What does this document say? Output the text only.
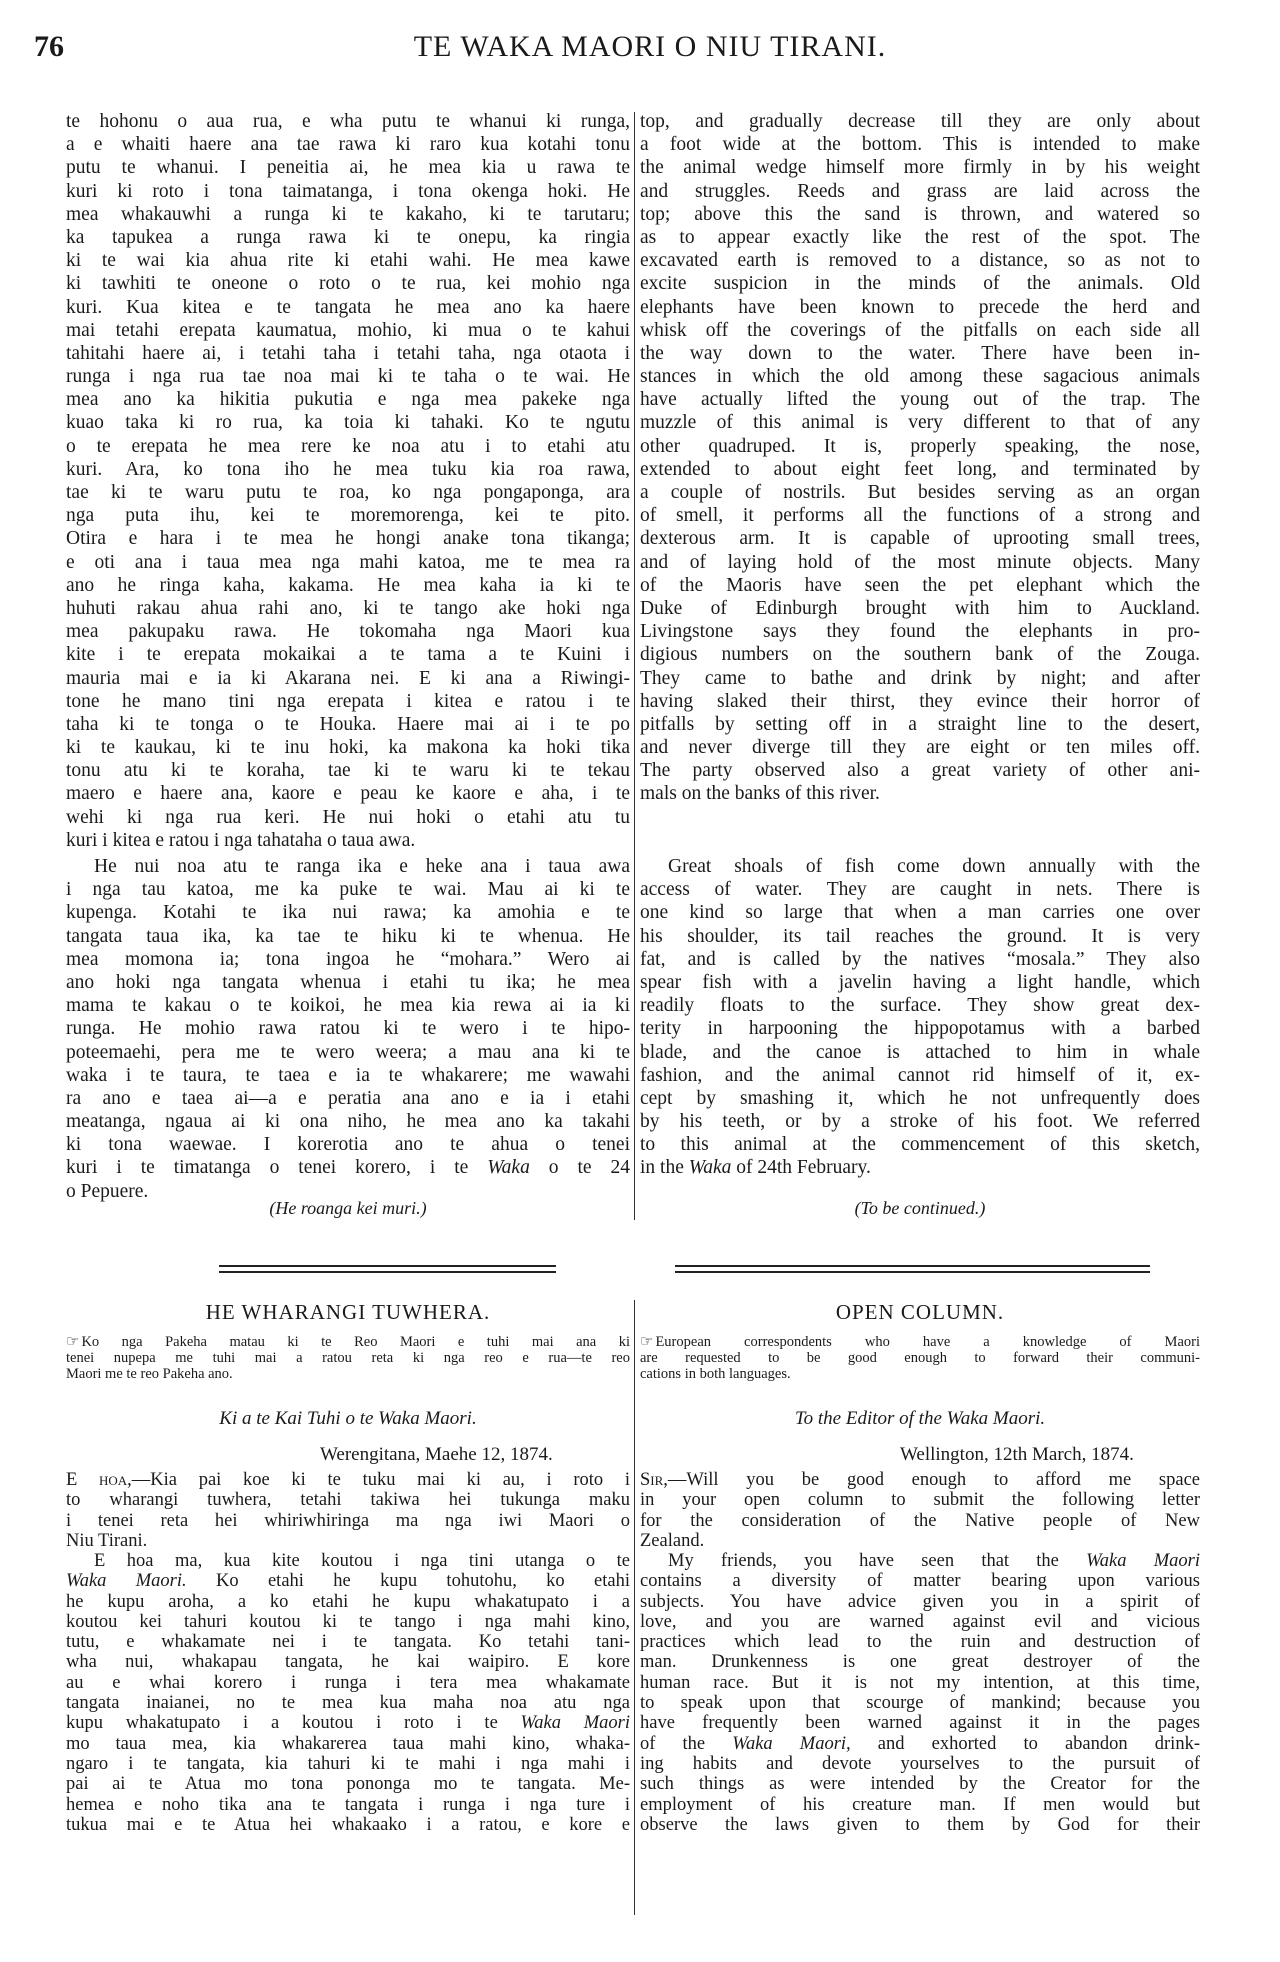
76	TE WAKA MAORI O NIU TIRANI.
te hohonu o aua rua, e wha putu te whanui ki runga,
a e whaiti haere ana tae rawa ki raro kua kotahi tonu
putu te whanui. I peneitia ai, he mea kia u rawa te
kuri ki roto i tona taimatanga, i tona okenga hoki. He
mea whakauwhi a runga ki te kakaho, ki te tarutaru;
ka tapukea a runga rawa ki te onepu, ka ringia
ki te wai kia ahua rite ki etahi wahi. He mea kawe
ki tawhiti te oneone o roto o te rua, kei mohio nga
kuri. Kua kitea e te tangata he mea ano ka haere
mai tetahi erepata kaumatua, mohio, ki mua o te kahui
tahitahi haere ai, i tetahi taha i tetahi taha, nga otaota i
runga i nga rua tae noa mai ki te taha o te wai. He
mea ano ka hikitia pukutia e nga mea pakeke nga
kuao taka ki ro rua, ka toia ki tahaki. Ko te ngutu
o te erepata he mea rere ke noa atu i to etahi atu
kuri. Ara, ko tona iho he mea tuku kia roa rawa,
tae ki te waru putu te roa, ko nga pongaponga, ara
nga puta ihu, kei te moremorenga, kei te pito.
Otira e hara i te mea he hongi anake tona tikanga;
e oti ana i taua mea nga mahi katoa, me te mea ra
ano he ringa kaha, kakama. He mea kaha ia ki te
huhuti rakau ahua rahi ano, ki te tango ake hoki nga
mea pakupaku rawa. He tokomaha nga Maori kua
kite i te erepata mokaikai a te tama a te Kuini i
mauria mai e ia ki Akarana nei. E ki ana a Riwingi-
tone he mano tini nga erepata i kitea e ratou i te
taha ki te tonga o te Houka. Haere mai ai i te po
ki te kaukau, ki te inu hoki, ka makona ka hoki tika
tonu atu ki te koraha, tae ki te waru ki te tekau
maero e haere ana, kaore e peau ke kaore e aha, i te
wehi ki nga rua keri. He nui hoki o etahi atu tu
kuri i kitea e ratou i nga tahataha o taua awa.
He nui noa atu te ranga ika e heke ana i taua awa
i nga tau katoa, me ka puke te wai. Mau ai ki te
kupenga. Kotahi te ika nui rawa; ka amohia e te
tangata taua ika, ka tae te hiku ki te whenua. He
mea momona ia; tona ingoa he “mohara.” Wero ai
ano hoki nga tangata whenua i etahi tu ika; he mea
mama te kakau o te koikoi, he mea kia rewa ai ia ki
runga. He mohio rawa ratou ki te wero i te hipo-
poteemaehi, pera me te wero weera; a mau ana ki te
waka i te taura, te taea e ia te whakarere; me wawahi
ra ano e taea ai—a e peratia ana ano e ia i etahi
meatanga, ngaua ai ki ona niho, he mea ano ka takahi
ki tona waewae. I korerotia ano te ahua o tenei
kuri i te timatanga o tenei korero, i te Waka o te 24
o Pepuere.
(He roanga kei muri.)
top, and gradually decrease till they are only about
a foot wide at the bottom. This is intended to make
the animal wedge himself more firmly in by his weight
and struggles. Reeds and grass are laid across the
top; above this the sand is thrown, and watered so
as to appear exactly like the rest of the spot. The
excavated earth is removed to a distance, so as not to
excite suspicion in the minds of the animals. Old
elephants have been known to precede the herd and
whisk off the coverings of the pitfalls on each side all
the way down to the water. There have been in-
stances in which the old among these sagacious animals
have actually lifted the young out of the trap. The
muzzle of this animal is very different to that of any
other quadruped. It is, properly speaking, the nose,
extended to about eight feet long, and terminated by
a couple of nostrils. But besides serving as an organ
of smell, it performs all the functions of a strong and
dexterous arm. It is capable of uprooting small trees,
and of laying hold of the most minute objects. Many
of the Maoris have seen the pet elephant which the
Duke of Edinburgh brought with him to Auckland.
Livingstone says they found the elephants in pro-
digious numbers on the southern bank of the Zouga.
They came to bathe and drink by night; and after
having slaked their thirst, they evince their horror of
pitfalls by setting off in a straight line to the desert,
and never diverge till they are eight or ten miles off.
The party observed also a great variety of other ani-
mals on the banks of this river.
Great shoals of fish come down annually with the
access of water. They are caught in nets. There is
one kind so large that when a man carries one over
his shoulder, its tail reaches the ground. It is very
fat, and is called by the natives “mosala.” They also
spear fish with a javelin having a light handle, which
readily floats to the surface. They show great dex-
terity in harpooning the hippopotamus with a barbed
blade, and the canoe is attached to him in whale
fashion, and the animal cannot rid himself of it, ex-
cept by smashing it, which he not unfrequently does
by his teeth, or by a stroke of his foot. We referred
to this animal at the commencement of this sketch,
in the Waka of 24th February.
(To be continued.)
HE WHARANGI TUWHERA.
☞ Ko nga Pakeha matau ki te Reo Maori e tuhi mai ana ki
tenei nupepa me tuhi mai a ratou reta ki nga reo e rua—te reo
Maori me te reo Pakeha ano.
Ki a te Kai Tuhi o te Waka Maori.
Werengitana, Maehe 12, 1874.
E hoa,—Kia pai koe ki te tuku mai ki au, i roto i
to wharangi tuwhera, tetahi takiwa hei tukunga maku
i tenei reta hei whiriwhiringa ma nga iwi Maori o
Niu Tirani.
E hoa ma, kua kite koutou i nga tini utanga o te
Waka Maori. Ko etahi he kupu tohutohu, ko etahi
he kupu aroha, a ko etahi he kupu whakatupato i a
koutou kei tahuri koutou ki te tango i nga mahi kino,
tutu, e whakamate nei i te tangata. Ko tetahi tani-
wha nui, whakapau tangata, he kai waipiro. E kore
au e whai korero i runga i tera mea whakamate
tangata inaianei, no te mea kua maha noa atu nga
kupu whakatupato i a koutou i roto i te Waka Maori
mo taua mea, kia whakarerea taua mahi kino, whaka-
ngaro i te tangata, kia tahuri ki te mahi i nga mahi i
pai ai te Atua mo tona pononga mo te tangata. Me-
hemea e noho tika ana te tangata i runga i nga ture i
tukua mai e te Atua hei whakaako i a ratou, e kore e
OPEN COLUMN.
☞ European correspondents who have a knowledge of Maori
are requested to be good enough to forward their communi-
cations in both languages.
To the Editor of the Waka Maori.
Wellington, 12th March, 1874.
Sir,—Will you be good enough to afford me space
in your open column to submit the following letter
for the consideration of the Native people of New
Zealand.
My friends, you have seen that the Waka Maori
contains a diversity of matter bearing upon various
subjects. You have advice given you in a spirit of
love, and you are warned against evil and vicious
practices which lead to the ruin and destruction of
man. Drunkenness is one great destroyer of the
human race. But it is not my intention, at this time,
to speak upon that scourge of mankind; because you
have frequently been warned against it in the pages
of the Waka Maori, and exhorted to abandon drink-
ing habits and devote yourselves to the pursuit of
such things as were intended by the Creator for the
employment of his creature man. If men would but
observe the laws given to them by God for their
